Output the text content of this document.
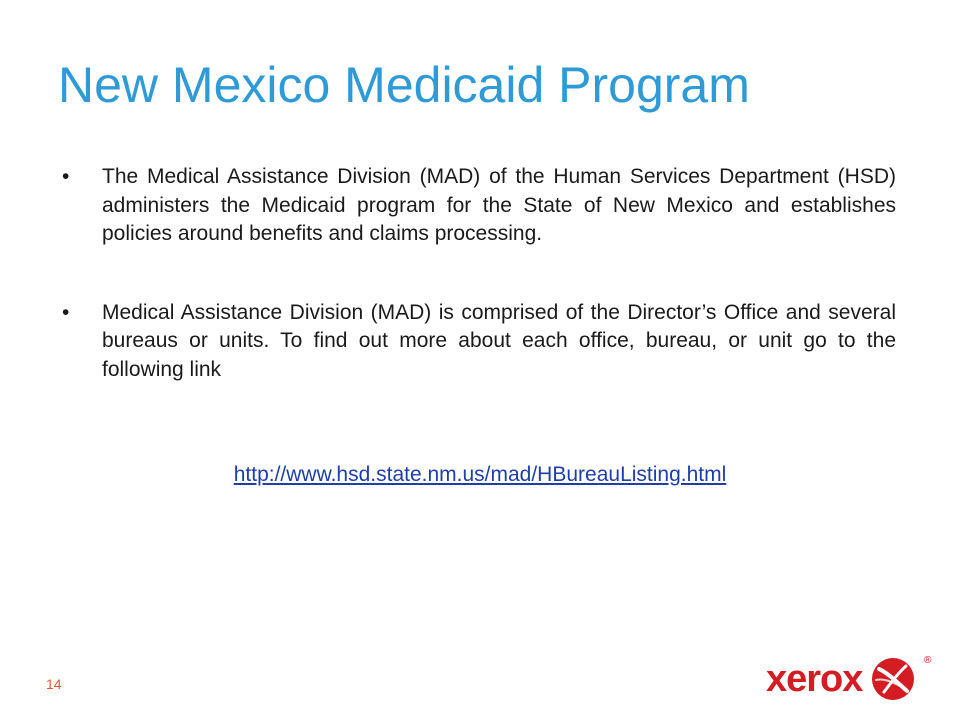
New Mexico Medicaid Program
•	The Medical Assistance Division (MAD) of the Human Services Department (HSD) administers the Medicaid program for the State of New Mexico and establishes policies around benefits and claims processing.
•	Medical Assistance Division (MAD) is comprised of the Director’s Office and several bureaus or units. To find out more about each office, bureau, or unit go to the following link
http://www.hsd.state.nm.us/mad/HBureauListing.html
14	xerox	®
